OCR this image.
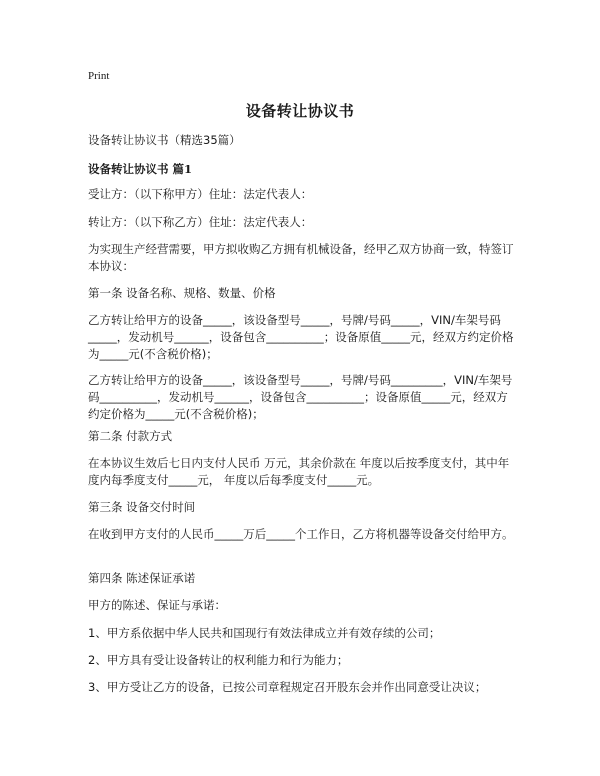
Print
设备转让协议书

设备转让协议书（精选35篇）

设备转让协议书 篇1

受让方：（以下称甲方）住址：法定代表人：

转让方：（以下称乙方）住址：法定代表人：

为实现生产经营需要，甲方拟收购乙方拥有机械设备，经甲乙双方协商一致，特签订本协议：

第一条 设备名称、规格、数量、价格

乙方转让给甲方的设备_____，该设备型号_____，号牌/号码_____，VIN/车架号码_____，发动机号______，设备包含__________；设备原值_____元，经双方约定价格为_____元(不含税价格)；

乙方转让给甲方的设备_____，该设备型号_____，号牌/号码_________，VIN/车架号码__________，发动机号______，设备包含__________；设备原值_____元，经双方约定价格为_____元(不含税价格)；

第二条 付款方式

在本协议生效后七日内支付人民币 万元，其余价款在 年度以后按季度支付，其中年度内每季度支付_____元， 年度以后每季度支付_____元。

第三条 设备交付时间

在收到甲方支付的人民币_____万后_____个工作日，乙方将机器等设备交付给甲方。

第四条 陈述保证承诺

甲方的陈述、保证与承诺：

1、甲方系依据中华人民共和国现行有效法律成立并有效存续的公司；

2、甲方具有受让设备转让的权利能力和行为能力；

3、甲方受让乙方的设备，已按公司章程规定召开股东会并作出同意受让决议；
